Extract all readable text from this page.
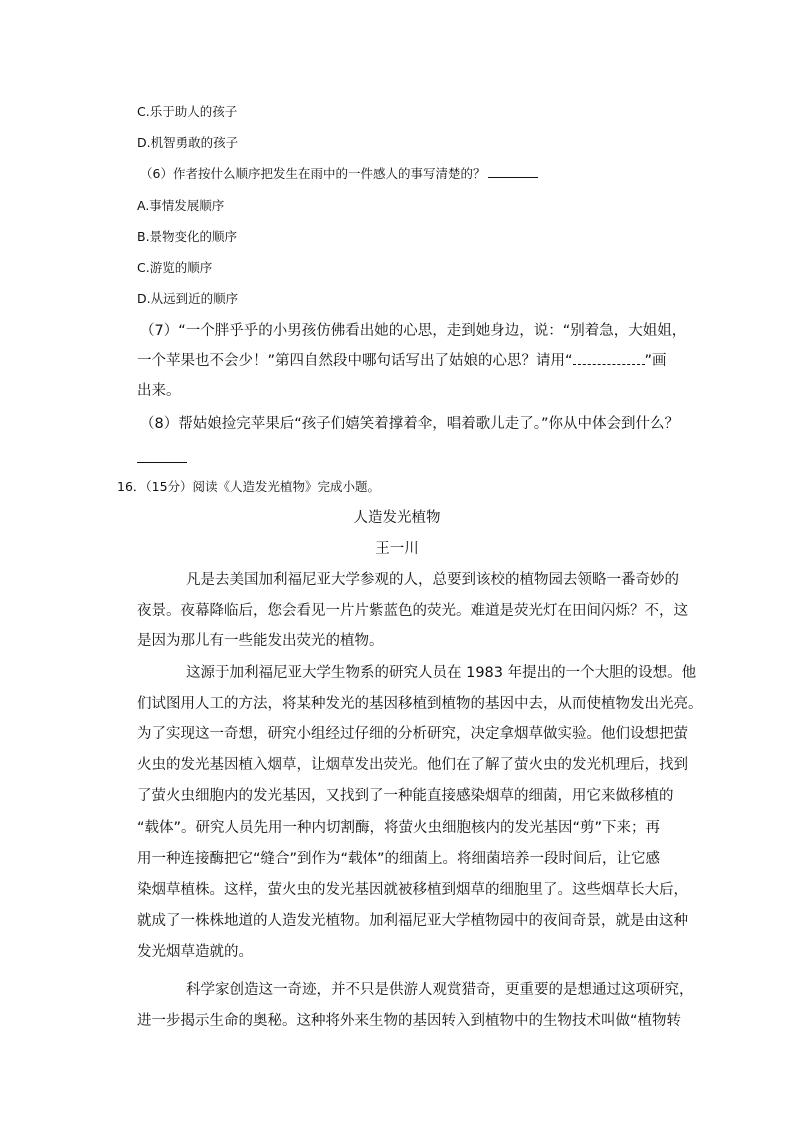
C.乐于助人的孩子
D.机智勇敢的孩子
（6）作者按什么顺序把发生在雨中的一件感人的事写清楚的？
A.事情发展顺序
B.景物变化的顺序
C.游览的顺序
D.从远到近的顺序
（7）“一个胖乎乎的小男孩仿佛看出她的心思，走到她身边，说：“别着急，大姐姐，
一个苹果也不会少！”第四自然段中哪句话写出了姑娘的心思？请用“	”画
出来。
（8）帮姑娘捡完苹果后“孩子们嬉笑着撑着伞，唱着歌儿走了。”你从中体会到什么？
16．（15分）阅读《人造发光植物》完成小题。
人造发光植物
王一川
凡是去美国加利福尼亚大学参观的人，总要到该校的植物园去领略一番奇妙的
夜景。夜幕降临后，您会看见一片片紫蓝色的荧光。难道是荧光灯在田间闪烁？不，这
是因为那儿有一些能发出荧光的植物。
这源于加利福尼亚大学生物系的研究人员在 1983 年提出的一个大胆的设想。他
们试图用人工的方法，将某种发光的基因移植到植物的基因中去，从而使植物发出光亮。
为了实现这一奇想，研究小组经过仔细的分析研究，决定拿烟草做实验。他们设想把萤
火虫的发光基因植入烟草，让烟草发出荧光。他们在了解了萤火虫的发光机理后，找到
了萤火虫细胞内的发光基因，又找到了一种能直接感染烟草的细菌，用它来做移植的
“载体”。研究人员先用一种内切割酶，将萤火虫细胞核内的发光基因“剪”下来；再
用一种连接酶把它“缝合”到作为“载体”的细菌上。将细菌培养一段时间后，让它感
染烟草植株。这样，萤火虫的发光基因就被移植到烟草的细胞里了。这些烟草长大后，
就成了一株株地道的人造发光植物。加利福尼亚大学植物园中的夜间奇景，就是由这种
发光烟草造就的。
科学家创造这一奇迹，并不只是供游人观赏猎奇，更重要的是想通过这项研究，
进一步揭示生命的奥秘。这种将外来生物的基因转入到植物中的生物技术叫做“植物转
